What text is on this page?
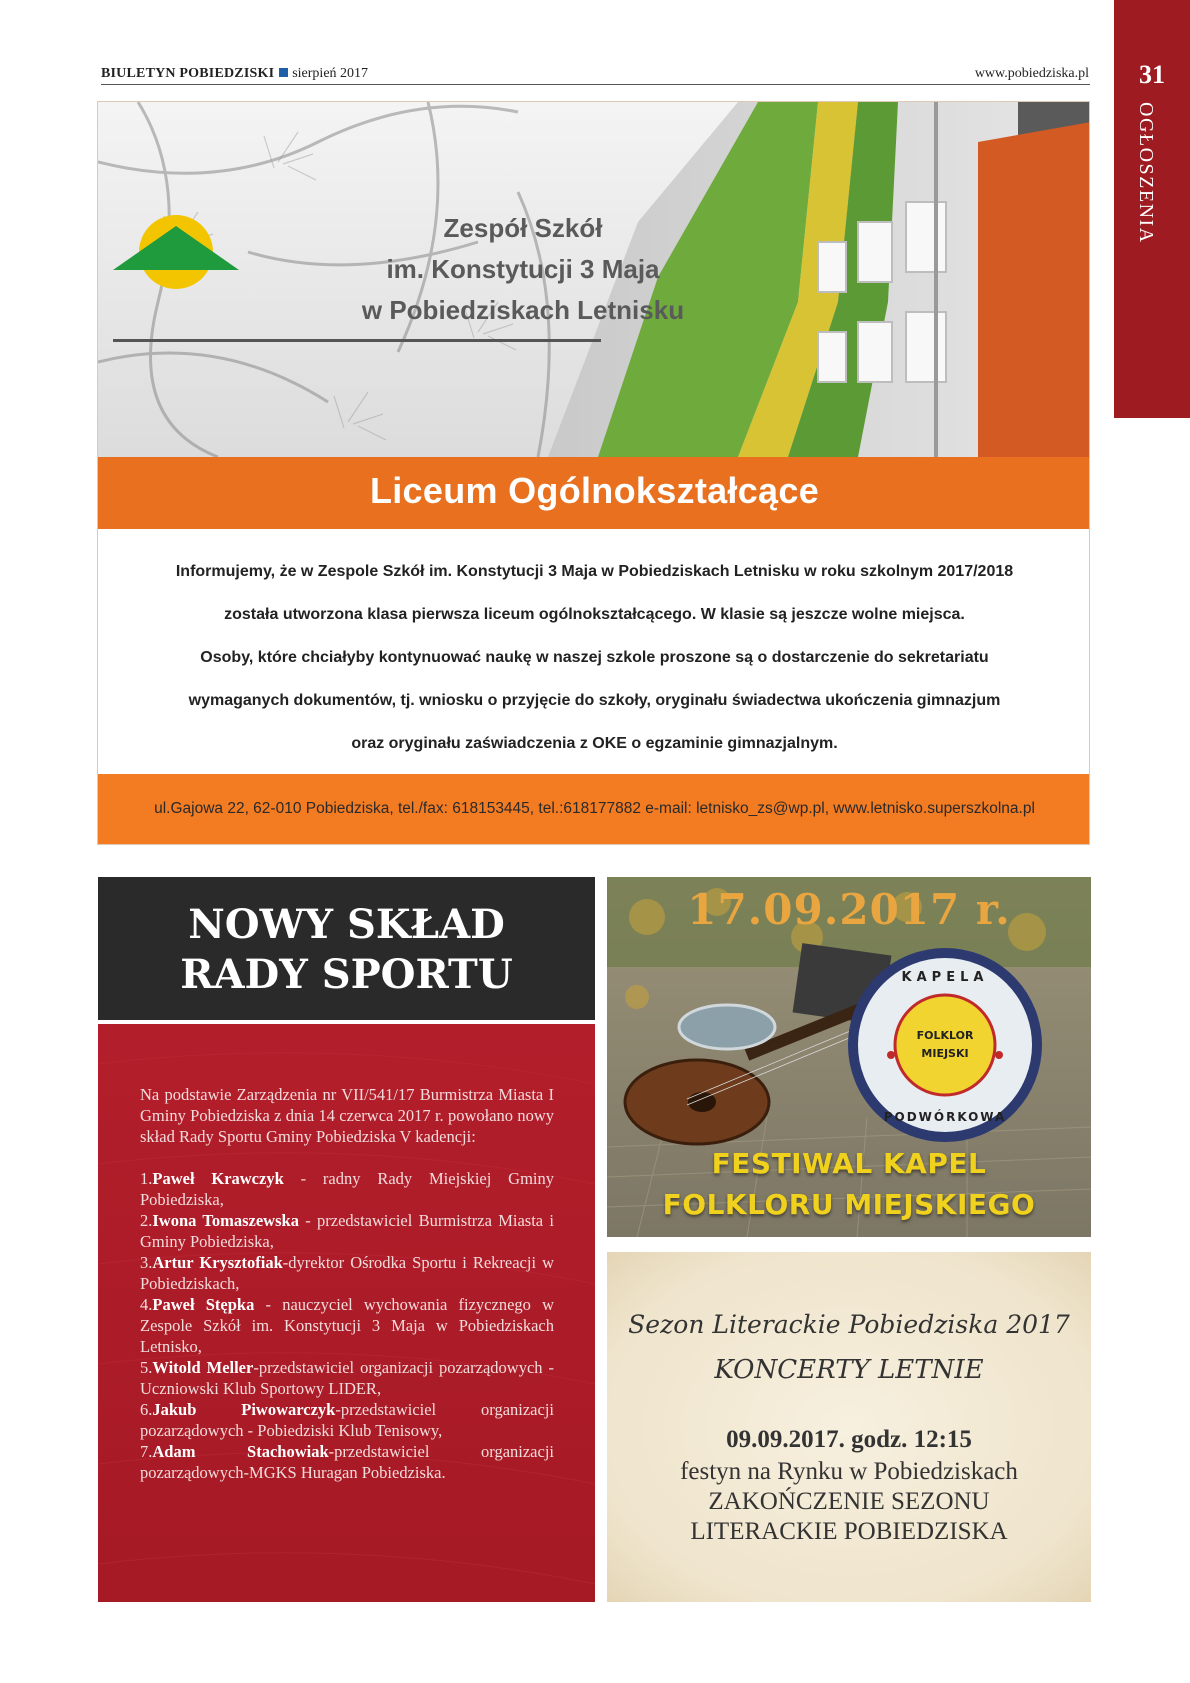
BIULETYN POBIEDZISKI sierpień 2017	www.pobiedziska.pl	31
OGŁOSZENIA
Zespół Szkół
im. Konstytucji 3 Maja
w Pobiedziskach Letnisku
Liceum Ogólnokształcące
Informujemy, że w Zespole Szkół im. Konstytucji 3 Maja w Pobiedziskach Letnisku w roku szkolnym 2017/2018
została utworzona klasa pierwsza liceum ogólnokształcącego. W klasie są jeszcze wolne miejsca.
Osoby, które chciałyby kontynuować naukę w naszej szkole proszone są o dostarczenie do sekretariatu
wymaganych dokumentów, tj. wniosku o przyjęcie do szkoły, oryginału świadectwa ukończenia gimnazjum
oraz oryginału zaświadczenia z OKE o egzaminie gimnazjalnym.
ul.Gajowa 22, 62-010 Pobiedziska, tel./fax: 618153445, tel.:618177882 e-mail: letnisko_zs@wp.pl, www.letnisko.superszkolna.pl
NOWY SKŁAD
RADY SPORTU

Na podstawie Zarządzenia nr VII/541/17 Burmistrza Miasta I Gminy Pobiedziska z dnia 14 czerwca 2017 r. powołano nowy skład Rady Sportu Gminy Pobiedziska V kadencji:

1.Paweł Krawczyk - radny Rady Miejskiej Gminy Pobiedziska,

2.Iwona Tomaszewska - przedstawiciel Burmistrza Miasta i Gminy Pobiedziska,

3.Artur Krysztofiak-dyrektor Ośrodka Sportu i Rekreacji w Pobiedziskach,

4.Paweł Stępka - nauczyciel wychowania fizycznego w Zespole Szkół im. Konstytucji 3 Maja w Pobiedziskach Letnisko,

5.Witold Meller-przedstawiciel organizacji pozarządowych - Uczniowski Klub Sportowy LIDER,

6.Jakub Piwowarczyk-przedstawiciel organizacji pozarządowych - Pobiedziski Klub Tenisowy,

7.Adam Stachowiak-przedstawiciel organizacji pozarządowych-MGKS Huragan Pobiedziska.

FOLKLOR
MIEJSKI
KAPELA
PODWÓRKOWA
17.09.2017 r.
FESTIWAL KAPEL
FOLKLORU MIEJSKIEGO
Sezon Literackie Pobiedziska 2017
KONCERTY LETNIE
09.09.2017. godz. 12:15
festyn na Rynku w Pobiedziskach
ZAKOŃCZENIE SEZONU
LITERACKIE POBIEDZISKA
